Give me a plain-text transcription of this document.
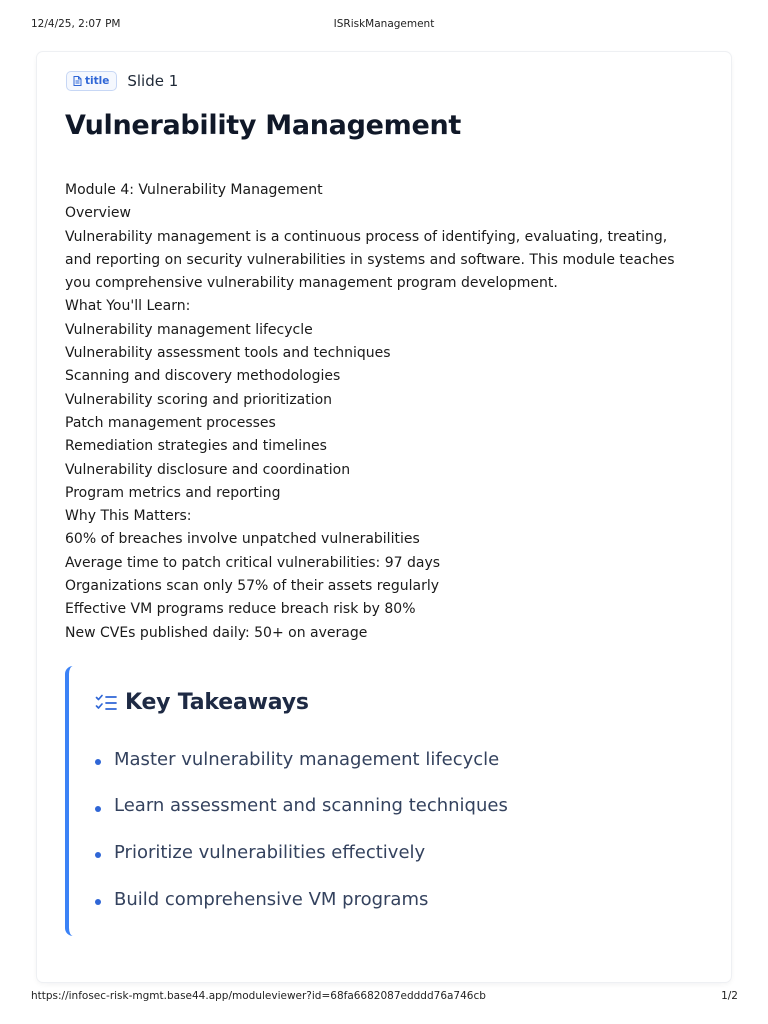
12/4/25, 2:07 PM	ISRiskManagement
title Slide 1
Vulnerability Management
Module 4: Vulnerability Management
Overview
Vulnerability management is a continuous process of identifying, evaluating, treating, and reporting on security vulnerabilities in systems and software. This module teaches you comprehensive vulnerability management program development.
What You'll Learn:
Vulnerability management lifecycle
Vulnerability assessment tools and techniques
Scanning and discovery methodologies
Vulnerability scoring and prioritization
Patch management processes
Remediation strategies and timelines
Vulnerability disclosure and coordination
Program metrics and reporting
Why This Matters:
60% of breaches involve unpatched vulnerabilities
Average time to patch critical vulnerabilities: 97 days
Organizations scan only 57% of their assets regularly
Effective VM programs reduce breach risk by 80%
New CVEs published daily: 50+ on average
Key Takeaways
Master vulnerability management lifecycle
Learn assessment and scanning techniques
Prioritize vulnerabilities effectively
Build comprehensive VM programs
https://infosec-risk-mgmt.base44.app/moduleviewer?id=68fa6682087edddd76a746cb	1/2
